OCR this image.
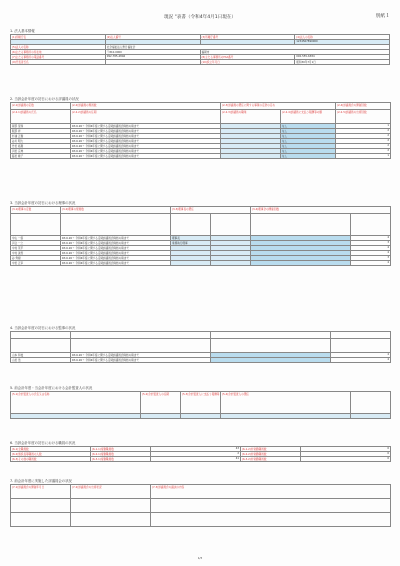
現況 "表書（令和4年4月1日現在）	別紙１
1. 法人基本情報
(1)所轄庁名	(2)法人番号	(3)所轄庁番号	(4)法人の名称
			1234567890000
(5)法人の名称	社会福祉法人勇日福祉会		
(6)主たる事務所の所在地	〒810-0000	福岡市	
(7)主たる事務所の電話番号	092-785-4846	(8)主たる事務所のFAX番号	092-555-6384
(9)代表者氏名		(10)設立年月日	昭和30年7月1日
2. 当該会計年度の初日における評議員の状況
(2-1)評議員の定数	(2-2)評議員の現員数	(2-3)評議員の選任に関する事項の定款の定め		(2-4)評議員会の開催回数
(2-2-1)評議員の氏名	(2-2-2)評議員の任期	(2-2-3)評議員の職業	(2-2-4)評議員に支払う報酬等の額	(2-2-5)評議員の出席回数
岡部 里和	R3.6.26～ 令和6年度に関する定時評議員会終結の時まで		なし	1
服部 祥	R3.6.26～ 令和6年度に関する定時評議員会終結の時まで		なし	2
杉浦 正樹	R3.6.26～ 令和6年度に関する定時評議員会終結の時まで		なし	2
谷川 明大	R3.6.26～ 令和6年度に関する定時評議員会終結の時まで		なし	2
竹田 裕貴	R3.6.26～ 令和6年度に関する定時評議員会終結の時まで		なし	2
河田 宗典	R3.6.26～ 令和6年度に関する定時評議員会終結の時まで		なし	2
藤田 暁子	R3.6.26～ 令和6年度に関する定時評議員会終結の時まで		なし	1
3. 当該会計年度の初日における理事の状況
(3-1)理事の定数	(3-2)理事の現員数	(3-3)理事長の選任		(3-4)理事会の開催回数	

中山 一郎	R3.6.26～ 令和6年度に関する定時評議員会終結の時まで	理事長			4
河合 一之	R3.6.26～ 令和6年度に関する定時評議員会終結の時まで	業務執行理事			3
中村 茂平	R3.6.26～ 令和6年度に関する定時評議員会終結の時まで				4
中村 美雪	R3.6.26～ 令和6年度に関する定時評議員会終結の時まで				4
谷 秀樹	R3.6.26～ 令和6年度に関する定時評議員会終結の時まで				3
中田 正幸	R3.6.26～ 令和6年度に関する定時評議員会終結の時まで				4
4. 当該会計年度の初日における監事の状況

山本 和枝	R3.6.26～ 令和6年度に関する定時評議員会終結の時まで		4
山田 浩	R3.6.26～ 令和6年度に関する定時評議員会終結の時まで		4
5. 前会計年度・当会計年度における会計監査人の状況
(5-1)会計監査人の氏名又は名称	(5-2)会計監査人の任期	(5-3)会計監査人に支払う報酬等	(5-4)会計監査人の選任	

6. 当該会計年度の初日における職員の状況
(6-1)全職員数	(6-1-1)常勤職員数	43	(6-1-2)非常勤職員数	0
(6-2)施設長等職員の人数	(6-2-1)常勤職員数	2	(6-2-2)非常勤職員数	0
(6-3)その他の職員数	(6-3-1)常勤職員数	41	(6-3-2)非常勤職員数	0
7. 前会計年度に実施した評議員会の状況
(7-1)評議員会の開催年月日	(7-2)評議員会の出席状況	(7-3)評議員会の議決の内容

1/3
